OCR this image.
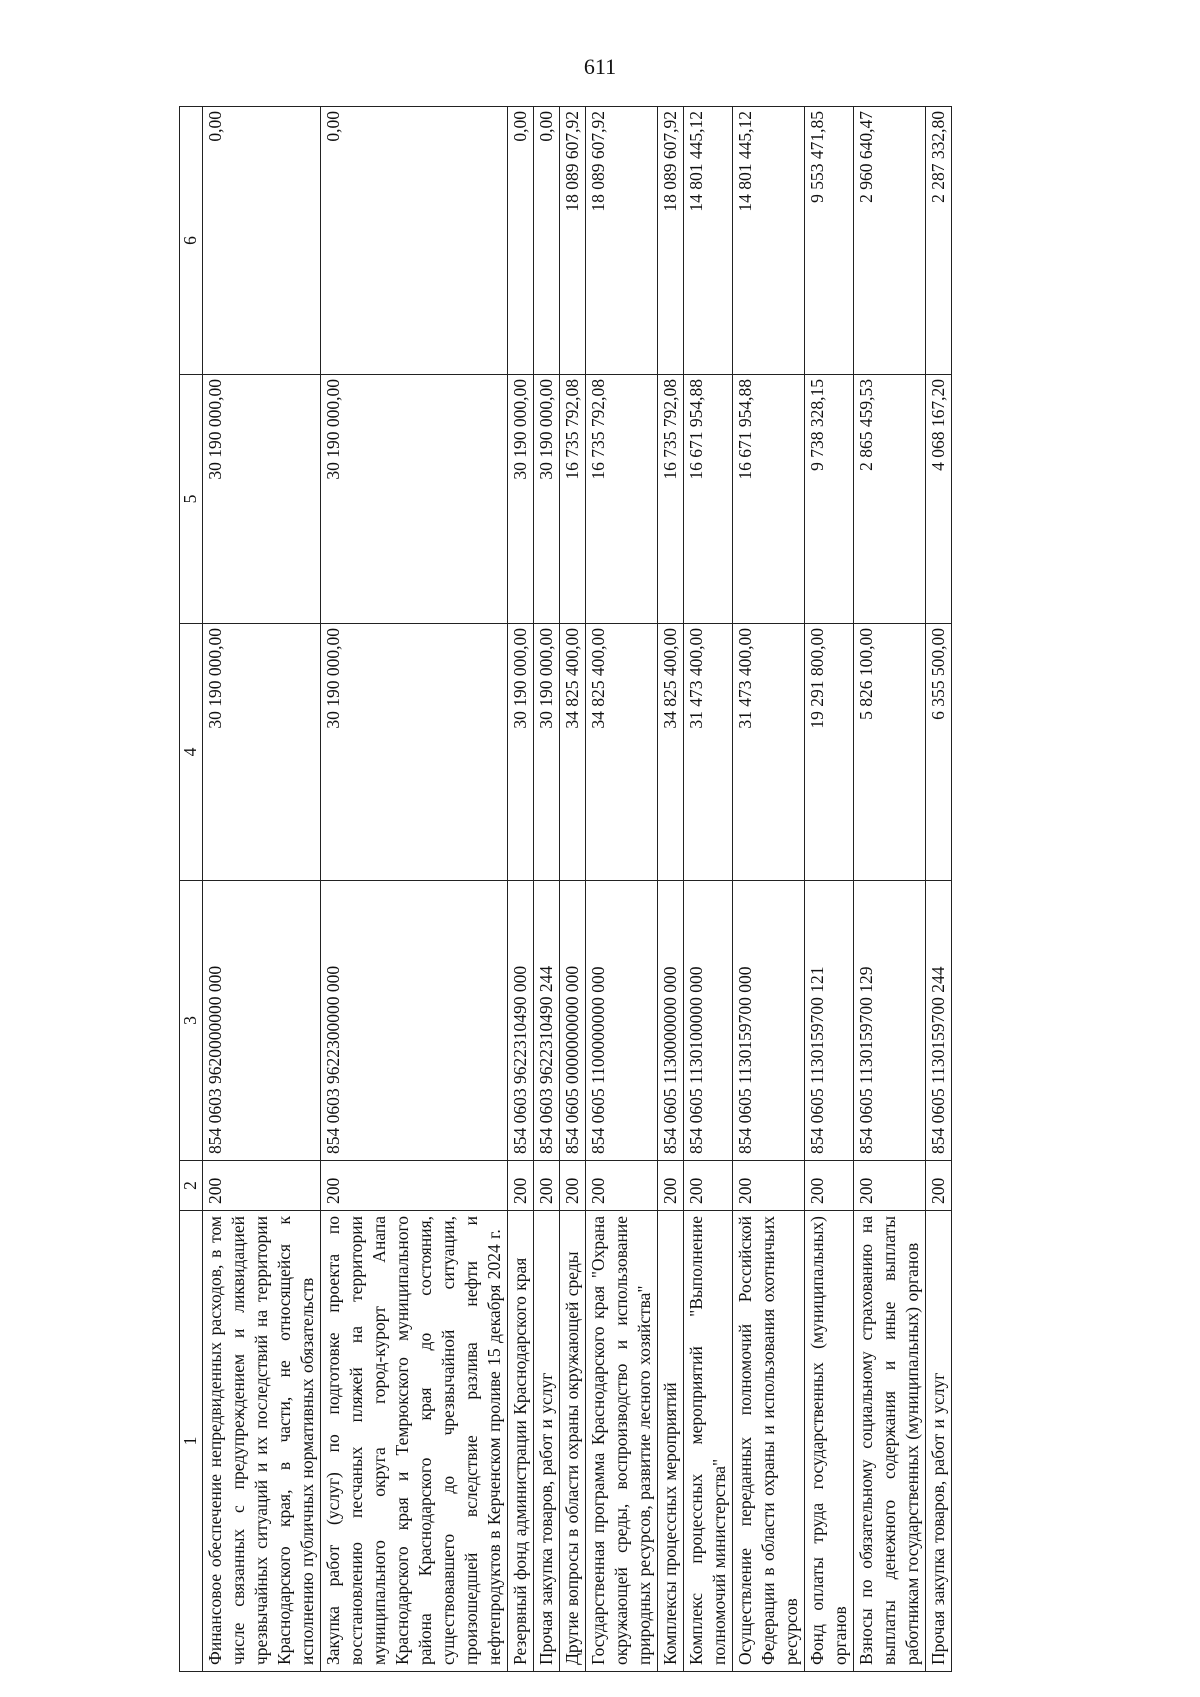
611
1	2	3	4	5	6
Финансовое обеспечение непредвиденных расходов, в том числе связанных с предупреждением и ликвидацией чрезвычайных ситуаций и их последствий на территории Краснодарского края, в части, не относящейся к исполнению публичных нормативных обязательств	200	854 0603 9620000000 000	30 190 000,00	30 190 000,00	0,00
Закупка работ (услуг) по подготовке проекта по восстановлению песчаных пляжей на территории муниципального округа город-курорт Анапа Краснодарского края и Темрюкского муниципального района Краснодарского края до состояния, существовавшего до чрезвычайной ситуации, произошедшей вследствие разлива нефти и нефтепродуктов в Керченском проливе 15 декабря 2024 г.	200	854 0603 9622300000 000	30 190 000,00	30 190 000,00	0,00
Резервный фонд администрации Краснодарского края	200	854 0603 9622310490 000	30 190 000,00	30 190 000,00	0,00
Прочая закупка товаров, работ и услуг	200	854 0603 9622310490 244	30 190 000,00	30 190 000,00	0,00
Другие вопросы в области охраны окружающей среды	200	854 0605 0000000000 000	34 825 400,00	16 735 792,08	18 089 607,92
Государственная программа Краснодарского края "Охрана окружающей среды, воспроизводство и использование природных ресурсов, развитие лесного хозяйства"	200	854 0605 1100000000 000	34 825 400,00	16 735 792,08	18 089 607,92
Комплексы процессных мероприятий	200	854 0605 1130000000 000	34 825 400,00	16 735 792,08	18 089 607,92
Комплекс процессных мероприятий "Выполнение полномочий министерства"	200	854 0605 1130100000 000	31 473 400,00	16 671 954,88	14 801 445,12
Осуществление переданных полномочий Российской Федерации в области охраны и использования охотничьих ресурсов	200	854 0605 1130159700 000	31 473 400,00	16 671 954,88	14 801 445,12
Фонд оплаты труда государственных (муниципальных) органов	200	854 0605 1130159700 121	19 291 800,00	9 738 328,15	9 553 471,85
Взносы по обязательному социальному страхованию на выплаты денежного содержания и иные выплаты работникам государственных (муниципальных) органов	200	854 0605 1130159700 129	5 826 100,00	2 865 459,53	2 960 640,47
Прочая закупка товаров, работ и услуг	200	854 0605 1130159700 244	6 355 500,00	4 068 167,20	2 287 332,80
